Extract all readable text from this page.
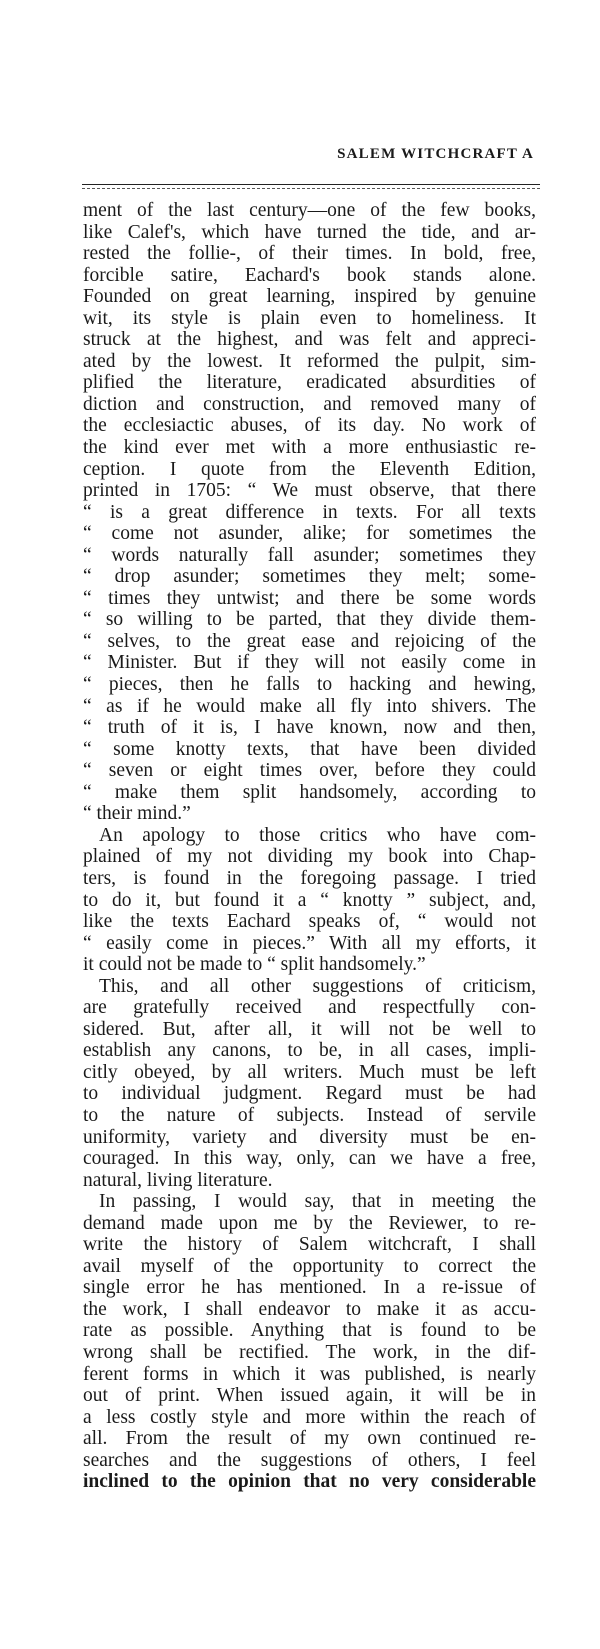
SALEM WITCHCRAFT A
ment of the last century—one of the few books,
like Calef's, which have turned the tide, and ar-
rested the follie-, of their times. In bold, free,
forcible satire, Eachard's book stands alone.
Founded on great learning, inspired by genuine
wit, its style is plain even to homeliness. It
struck at the highest, and was felt and appreci-
ated by the lowest. It reformed the pulpit, sim-
plified the literature, eradicated absurdities of
diction and construction, and removed many of
the ecclesiactic abuses, of its day. No work of
the kind ever met with a more enthusiastic re-
ception. I quote from the Eleventh Edition,
printed in 1705: “ We must observe, that there
“ is a great difference in texts. For all texts
“ come not asunder, alike; for sometimes the
“ words naturally fall asunder; sometimes they
“ drop asunder; sometimes they melt; some-
“ times they untwist; and there be some words
“ so willing to be parted, that they divide them-
“ selves, to the great ease and rejoicing of the
“ Minister. But if they will not easily come in
“ pieces, then he falls to hacking and hewing,
“ as if he would make all fly into shivers. The
“ truth of it is, I have known, now and then,
“ some knotty texts, that have been divided
“ seven or eight times over, before they could
“ make them split handsomely, according to
“ their mind.”
An apology to those critics who have com-
plained of my not dividing my book into Chap-
ters, is found in the foregoing passage. I tried
to do it, but found it a “ knotty ” subject, and,
like the texts Eachard speaks of, “ would not
“ easily come in pieces.” With all my efforts, it
it could not be made to “ split handsomely.”
This, and all other suggestions of criticism,
are gratefully received and respectfully con-
sidered. But, after all, it will not be well to
establish any canons, to be, in all cases, impli-
citly obeyed, by all writers. Much must be left
to individual judgment. Regard must be had
to the nature of subjects. Instead of servile
uniformity, variety and diversity must be en-
couraged. In this way, only, can we have a free,
natural, living literature.
In passing, I would say, that in meeting the
demand made upon me by the Reviewer, to re-
write the history of Salem witchcraft, I shall
avail myself of the opportunity to correct the
single error he has mentioned. In a re-issue of
the work, I shall endeavor to make it as accu-
rate as possible. Anything that is found to be
wrong shall be rectified. The work, in the dif-
ferent forms in which it was published, is nearly
out of print. When issued again, it will be in
a less costly style and more within the reach of
all. From the result of my own continued re-
searches and the suggestions of others, I feel
inclined to the opinion that no very considerable
